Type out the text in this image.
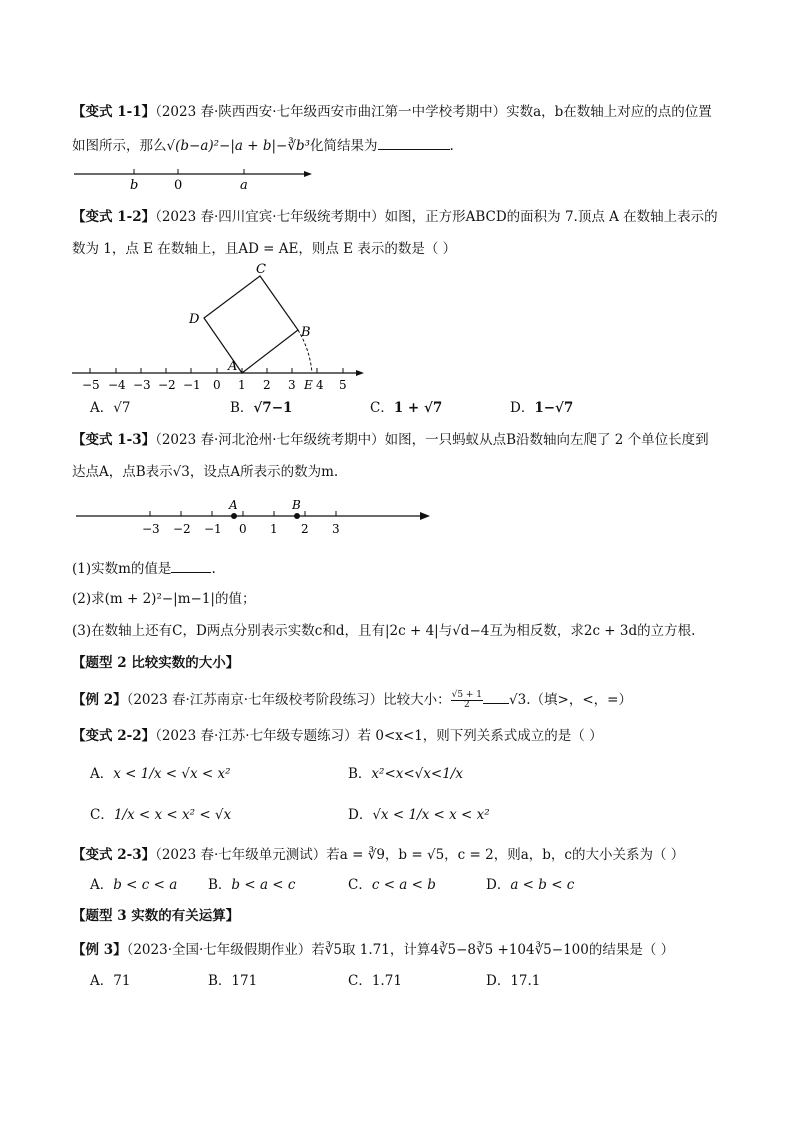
【变式 1-1】（2023 春·陕西西安·七年级西安市曲江第一中学校考期中）实数a，b在数轴上对应的点的位置
如图所示，那么√(b−a)²−|a + b|−∛b³化简结果为	.
b	0	a
【变式 1-2】（2023 春·四川宜宾·七年级统考期中）如图，正方形ABCD的面积为 7.顶点 A 在数轴上表示的
数为 1，点 E 在数轴上，且AD = AE，则点 E 表示的数是（ ）
−5 −4 −3 −2 −1 0 1 2 3 4 5
C
D
B
A
E
A．√7	B．√7−1	C．1 + √7	D．1−√7
【变式 1-3】（2023 春·河北沧州·七年级统考期中）如图，一只蚂蚁从点B沿数轴向左爬了 2 个单位长度到
达点A，点B表示√3，设点A所表示的数为m.
A	B
−3 −2 −1 0 1 2 3
(1)实数m的值是	.
(2)求(m + 2)²−|m−1|的值；
(3)在数轴上还有C，D两点分别表示实数c和d，且有|2c + 4|与√d−4互为相反数，求2c + 3d的立方根.
【题型 2 比较实数的大小】
【例 2】（2023 春·江苏南京·七年级校考阶段练习）比较大小： $\frac{√5 + 1}{2} √3$.（填>，<，=）
【变式 2-2】（2023 春·江苏·七年级专题练习）若 0<x<1，则下列关系式成立的是（ ）
A．x < 1/x < √x < x²	B．x²<x<√x<1/x
C．1/x < x < x² < √x	D．√x < 1/x < x < x²
【变式 2-3】（2023 春·七年级单元测试）若a = ∛9，b = √5，c = 2，则a，b，c的大小关系为（ ）
A．b < c < a B．b < a < c	C．c < a < b	D．a < b < c
【题型 3 实数的有关运算】
【例 3】（2023·全国·七年级假期作业）若∛5取 1.71，计算4∛5−8∛5 +104∛5−100的结果是（ ）
A．71	B．171	C．1.71	D．17.1
